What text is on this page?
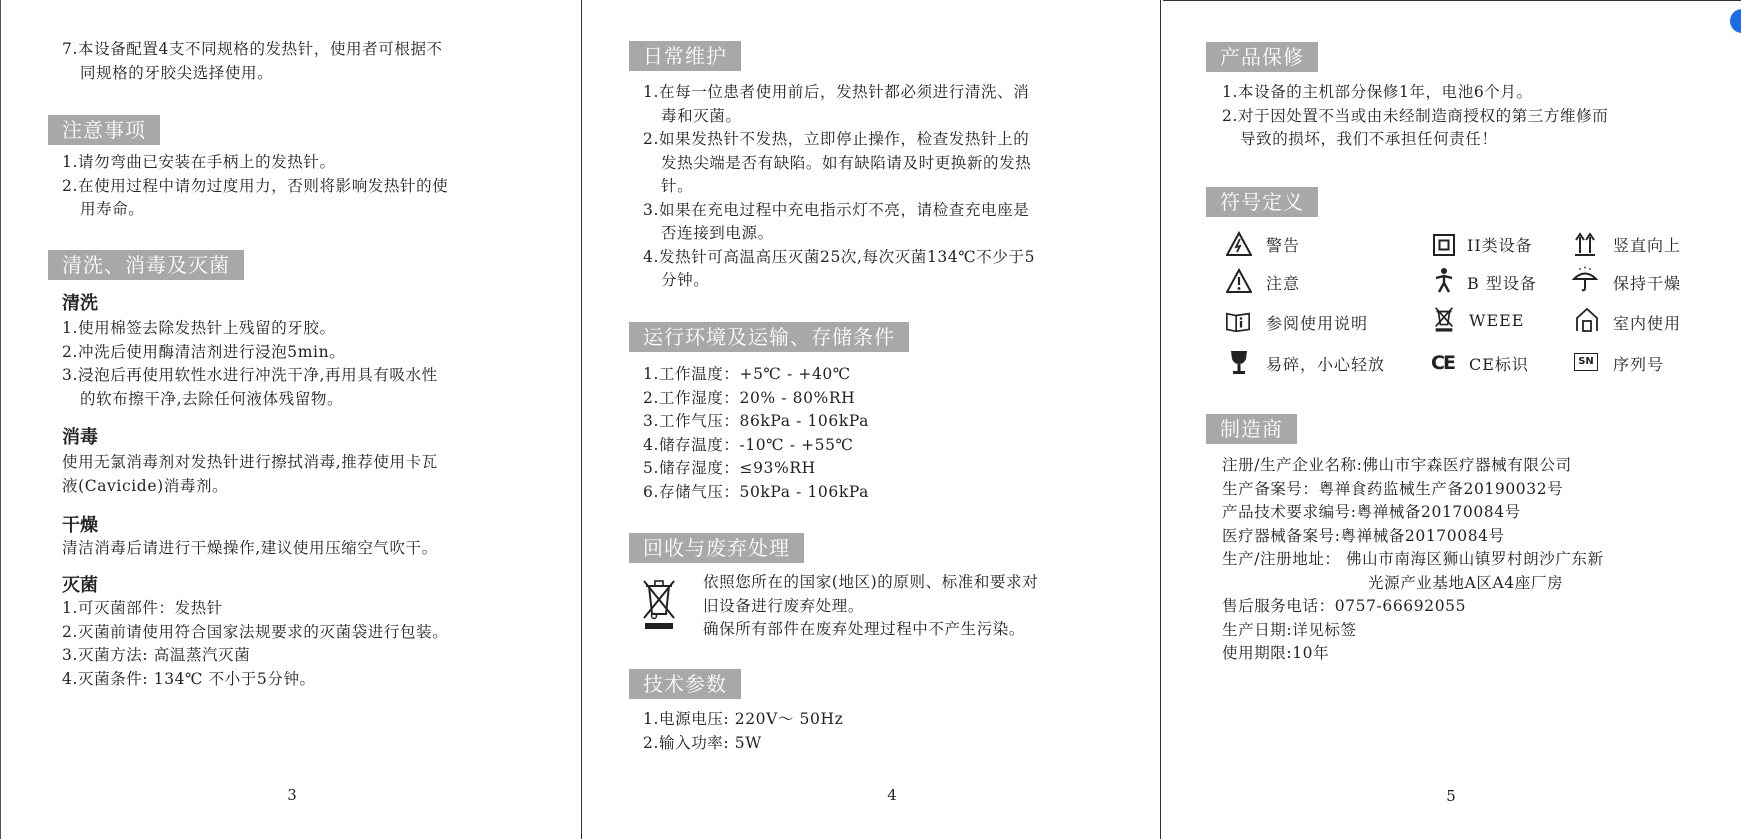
7.本设备配置4支不同规格的发热针，使用者可根据不
同规格的牙胶尖选择使用。
注意事项
1.请勿弯曲已安装在手柄上的发热针。
2.在使用过程中请勿过度用力，否则将影响发热针的使
用寿命。
清洗、消毒及灭菌
清洗
1.使用棉签去除发热针上残留的牙胶。
2.冲洗后使用酶清洁剂进行浸泡5min。
3.浸泡后再使用软性水进行冲洗干净,再用具有吸水性
的软布擦干净,去除任何液体残留物。
消毒
使用无氯消毒剂对发热针进行擦拭消毒,推荐使用卡瓦
液(Cavicide)消毒剂。
干燥
清洁消毒后请进行干燥操作,建议使用压缩空气吹干。
灭菌
1.可灭菌部件：发热针
2.灭菌前请使用符合国家法规要求的灭菌袋进行包装。
3.灭菌方法: 高温蒸汽灭菌
4.灭菌条件: 134℃ 不小于5分钟。
3
日常维护
1.在每一位患者使用前后，发热针都必须进行清洗、消
毒和灭菌。
2.如果发热针不发热，立即停止操作，检查发热针上的
发热尖端是否有缺陷。如有缺陷请及时更换新的发热
针。
3.如果在充电过程中充电指示灯不亮，请检查充电座是
否连接到电源。
4.发热针可高温高压灭菌25次,每次灭菌134℃不少于5
分钟。
运行环境及运输、存储条件
1.工作温度：+5℃ - +40℃
2.工作湿度：20% - 80%RH
3.工作气压：86kPa - 106kPa
4.储存温度：-10℃ - +55℃
5.储存湿度：≤93%RH
6.存储气压：50kPa - 106kPa
回收与废弃处理
依照您所在的国家(地区)的原则、标准和要求对
旧设备进行废弃处理。
确保所有部件在废弃处理过程中不产生污染。
技术参数
1.电源电压: 220V～ 50Hz
2.输入功率: 5W
4
产品保修
1.本设备的主机部分保修1年，电池6个月。
2.对于因处置不当或由未经制造商授权的第三方维修而
导致的损坏，我们不承担任何责任！
符号定义
警告	II类设备	竖直向上
注意	B 型设备	保持干燥
参阅使用说明	WEEE	室内使用
易碎，小心轻放 CE CE标识	SN 序列号
制造商
注册/生产企业名称:佛山市宇森医疗器械有限公司
生产备案号：粤禅食药监械生产备20190032号
产品技术要求编号:粤禅械备20170084号
医疗器械备案号:粤禅械备20170084号
生产/注册地址： 佛山市南海区狮山镇罗村朗沙广东新
光源产业基地A区A4座厂房
售后服务电话：0757-66692055
生产日期:详见标签
使用期限:10年
5
